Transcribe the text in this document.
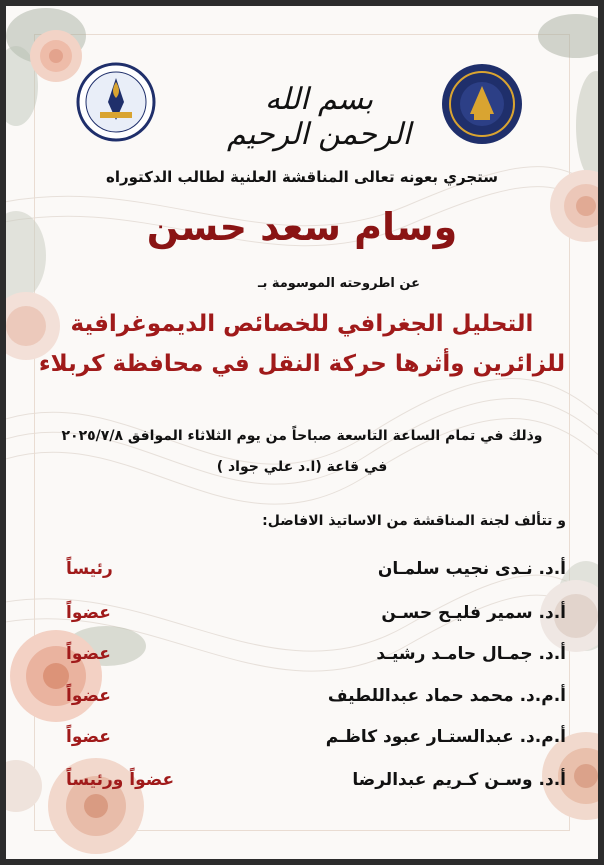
بسم الله الرحمن الرحيم
ستجري بعونه تعالى المناقشة العلنية لطالب الدكتوراه
وسام سعد حسن
عن اطروحته الموسومة بـ
التحليل الجغرافي للخصائص الديموغرافية
للزائرين وأثرها حركة النقل في محافظة كربلاء
وذلك في تمام الساعة التاسعة صباحاً من يوم الثلاثاء الموافق ٢٠٢٥/٧/٨
في قاعة (ا.د علي جواد )
و تتألف لجنة المناقشة من الاساتيذ الافاضل:
أ.د. نـدى نجيب سلمـان
رئيساً
أ.د. سمير فليـح حسـن
عضواً
أ.د. جمـال حامـد رشيـد
عضواً
أ.م.د. محمد حماد عبداللطيف
عضواً
أ.م.د. عبدالستـار عبود كاظـم
عضواً
أ.د. وسـن كـريم عبدالرضا
عضواً ورئيساً
